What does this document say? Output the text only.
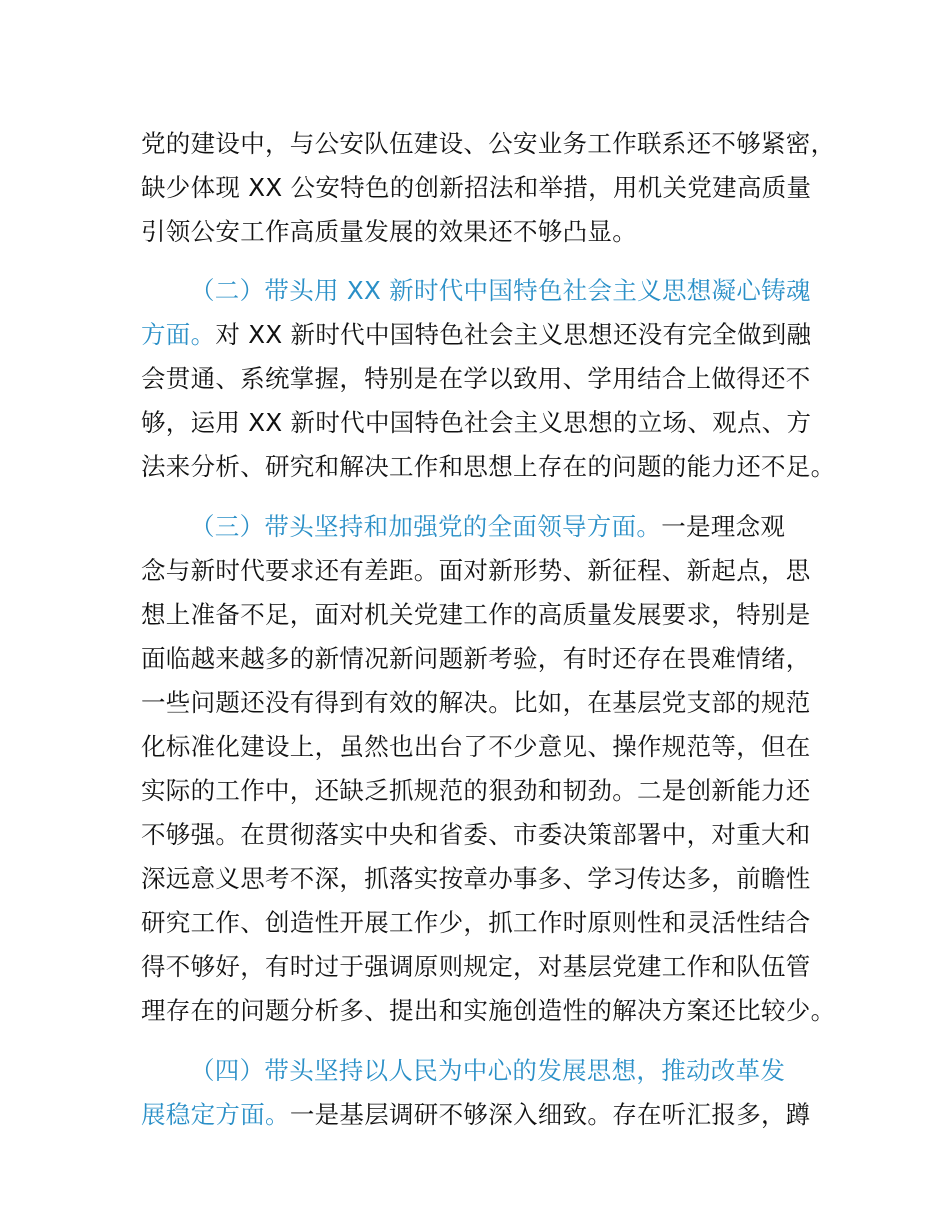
党的建设中，与公安队伍建设、公安业务工作联系还不够紧密，
缺少体现 XX 公安特色的创新招法和举措，用机关党建高质量
引领公安工作高质量发展的效果还不够凸显。
（二）带头用 XX 新时代中国特色社会主义思想凝心铸魂
方面。对 XX 新时代中国特色社会主义思想还没有完全做到融
会贯通、系统掌握，特别是在学以致用、学用结合上做得还不
够，运用 XX 新时代中国特色社会主义思想的立场、观点、方
法来分析、研究和解决工作和思想上存在的问题的能力还不足。
（三）带头坚持和加强党的全面领导方面。一是理念观
念与新时代要求还有差距。面对新形势、新征程、新起点，思
想上准备不足，面对机关党建工作的高质量发展要求，特别是
面临越来越多的新情况新问题新考验，有时还存在畏难情绪，
一些问题还没有得到有效的解决。比如，在基层党支部的规范
化标准化建设上，虽然也出台了不少意见、操作规范等，但在
实际的工作中，还缺乏抓规范的狠劲和韧劲。二是创新能力还
不够强。在贯彻落实中央和省委、市委决策部署中，对重大和
深远意义思考不深，抓落实按章办事多、学习传达多，前瞻性
研究工作、创造性开展工作少，抓工作时原则性和灵活性结合
得不够好，有时过于强调原则规定，对基层党建工作和队伍管
理存在的问题分析多、提出和实施创造性的解决方案还比较少。
（四）带头坚持以人民为中心的发展思想，推动改革发
展稳定方面。一是基层调研不够深入细致。存在听汇报多，蹲
